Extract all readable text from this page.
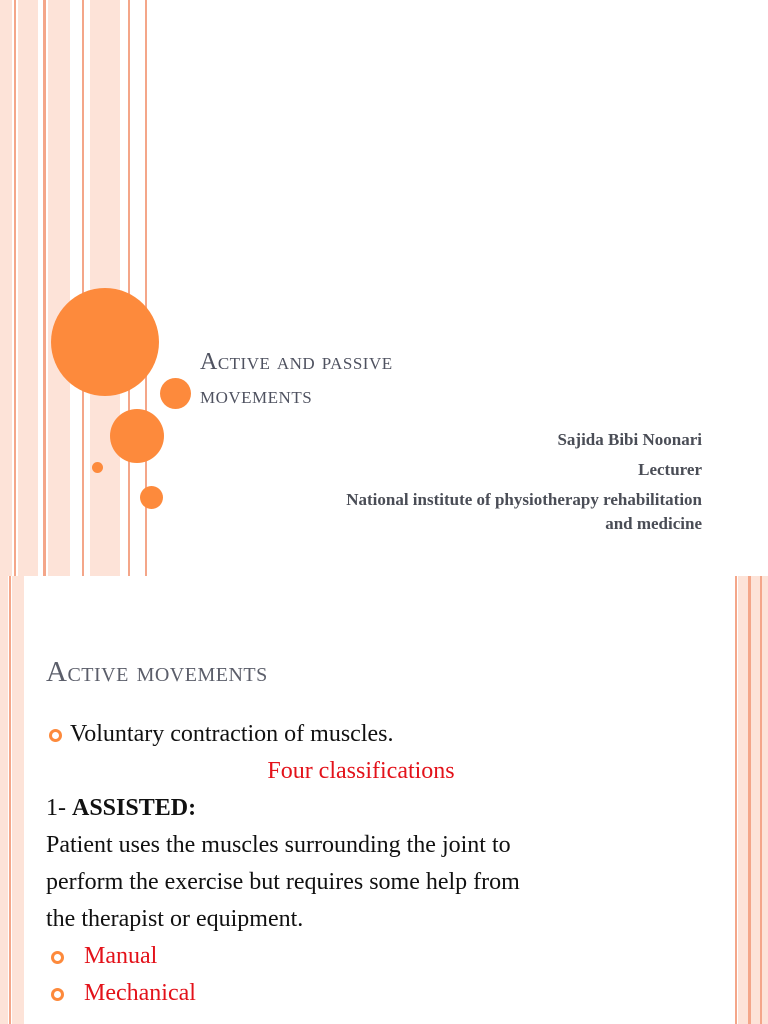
Active and passive
movements
Sajida Bibi Noonari
Lecturer
National institute of physiotherapy rehabilitation
and medicine
Active movements
Voluntary contraction of muscles.
Four classifications
1- ASSISTED:
Patient uses the muscles surrounding the joint to
perform the exercise but requires some help from
the therapist or equipment.
Manual
Mechanical
